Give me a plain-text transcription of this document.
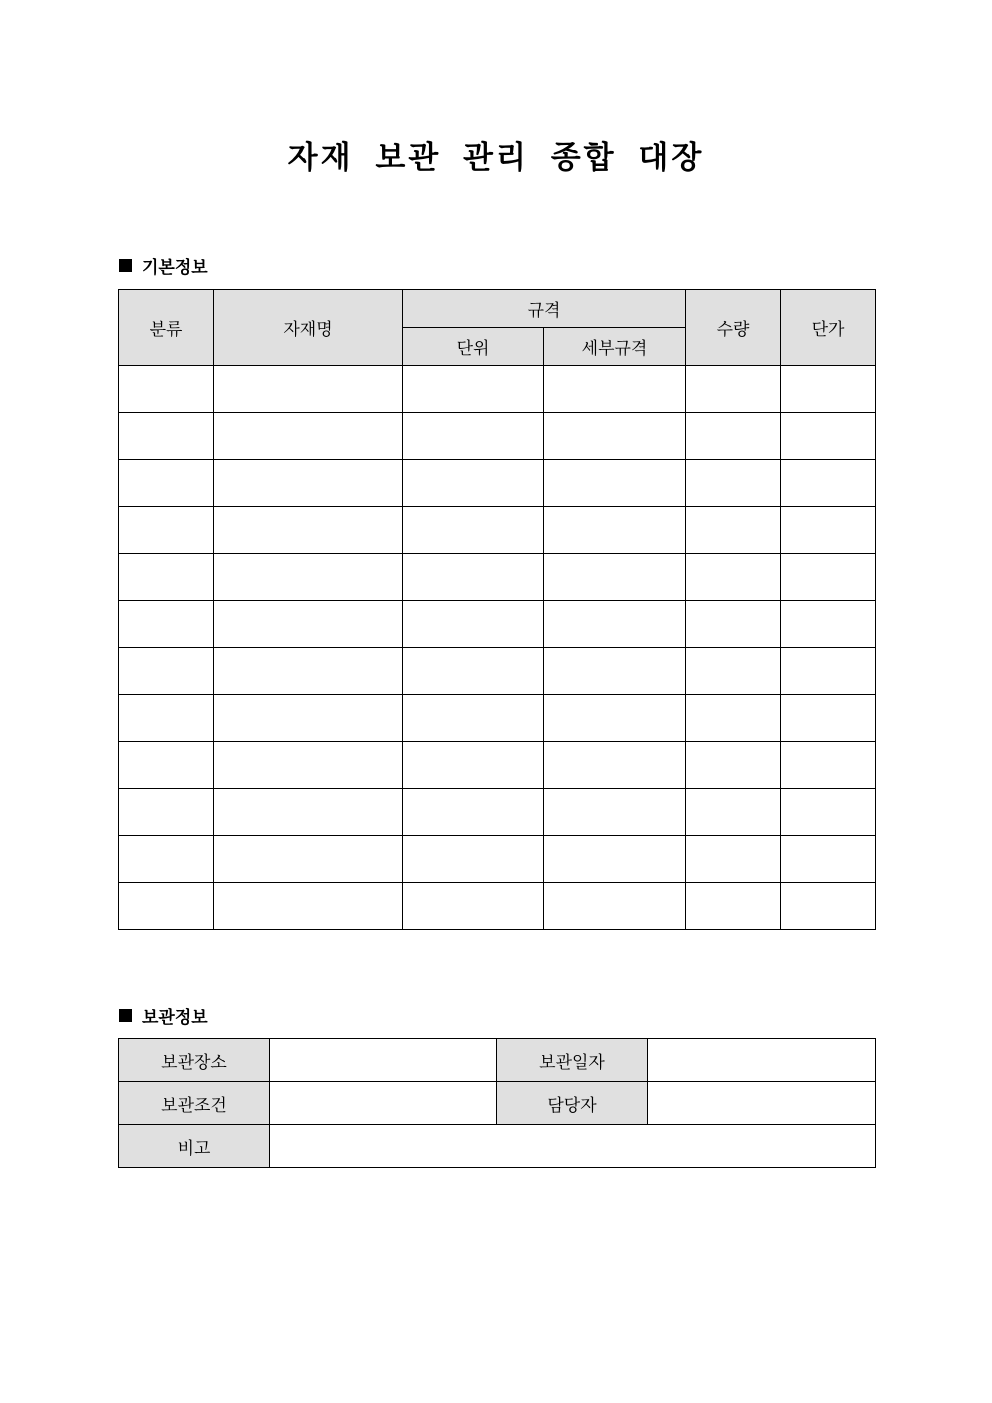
자재 보관 관리 종합 대장
기본정보
분류	자재명	규격		수량	단가
		단위	세부규격		

보관정보
보관장소		보관일자	
보관조건		담당자	
비고			
